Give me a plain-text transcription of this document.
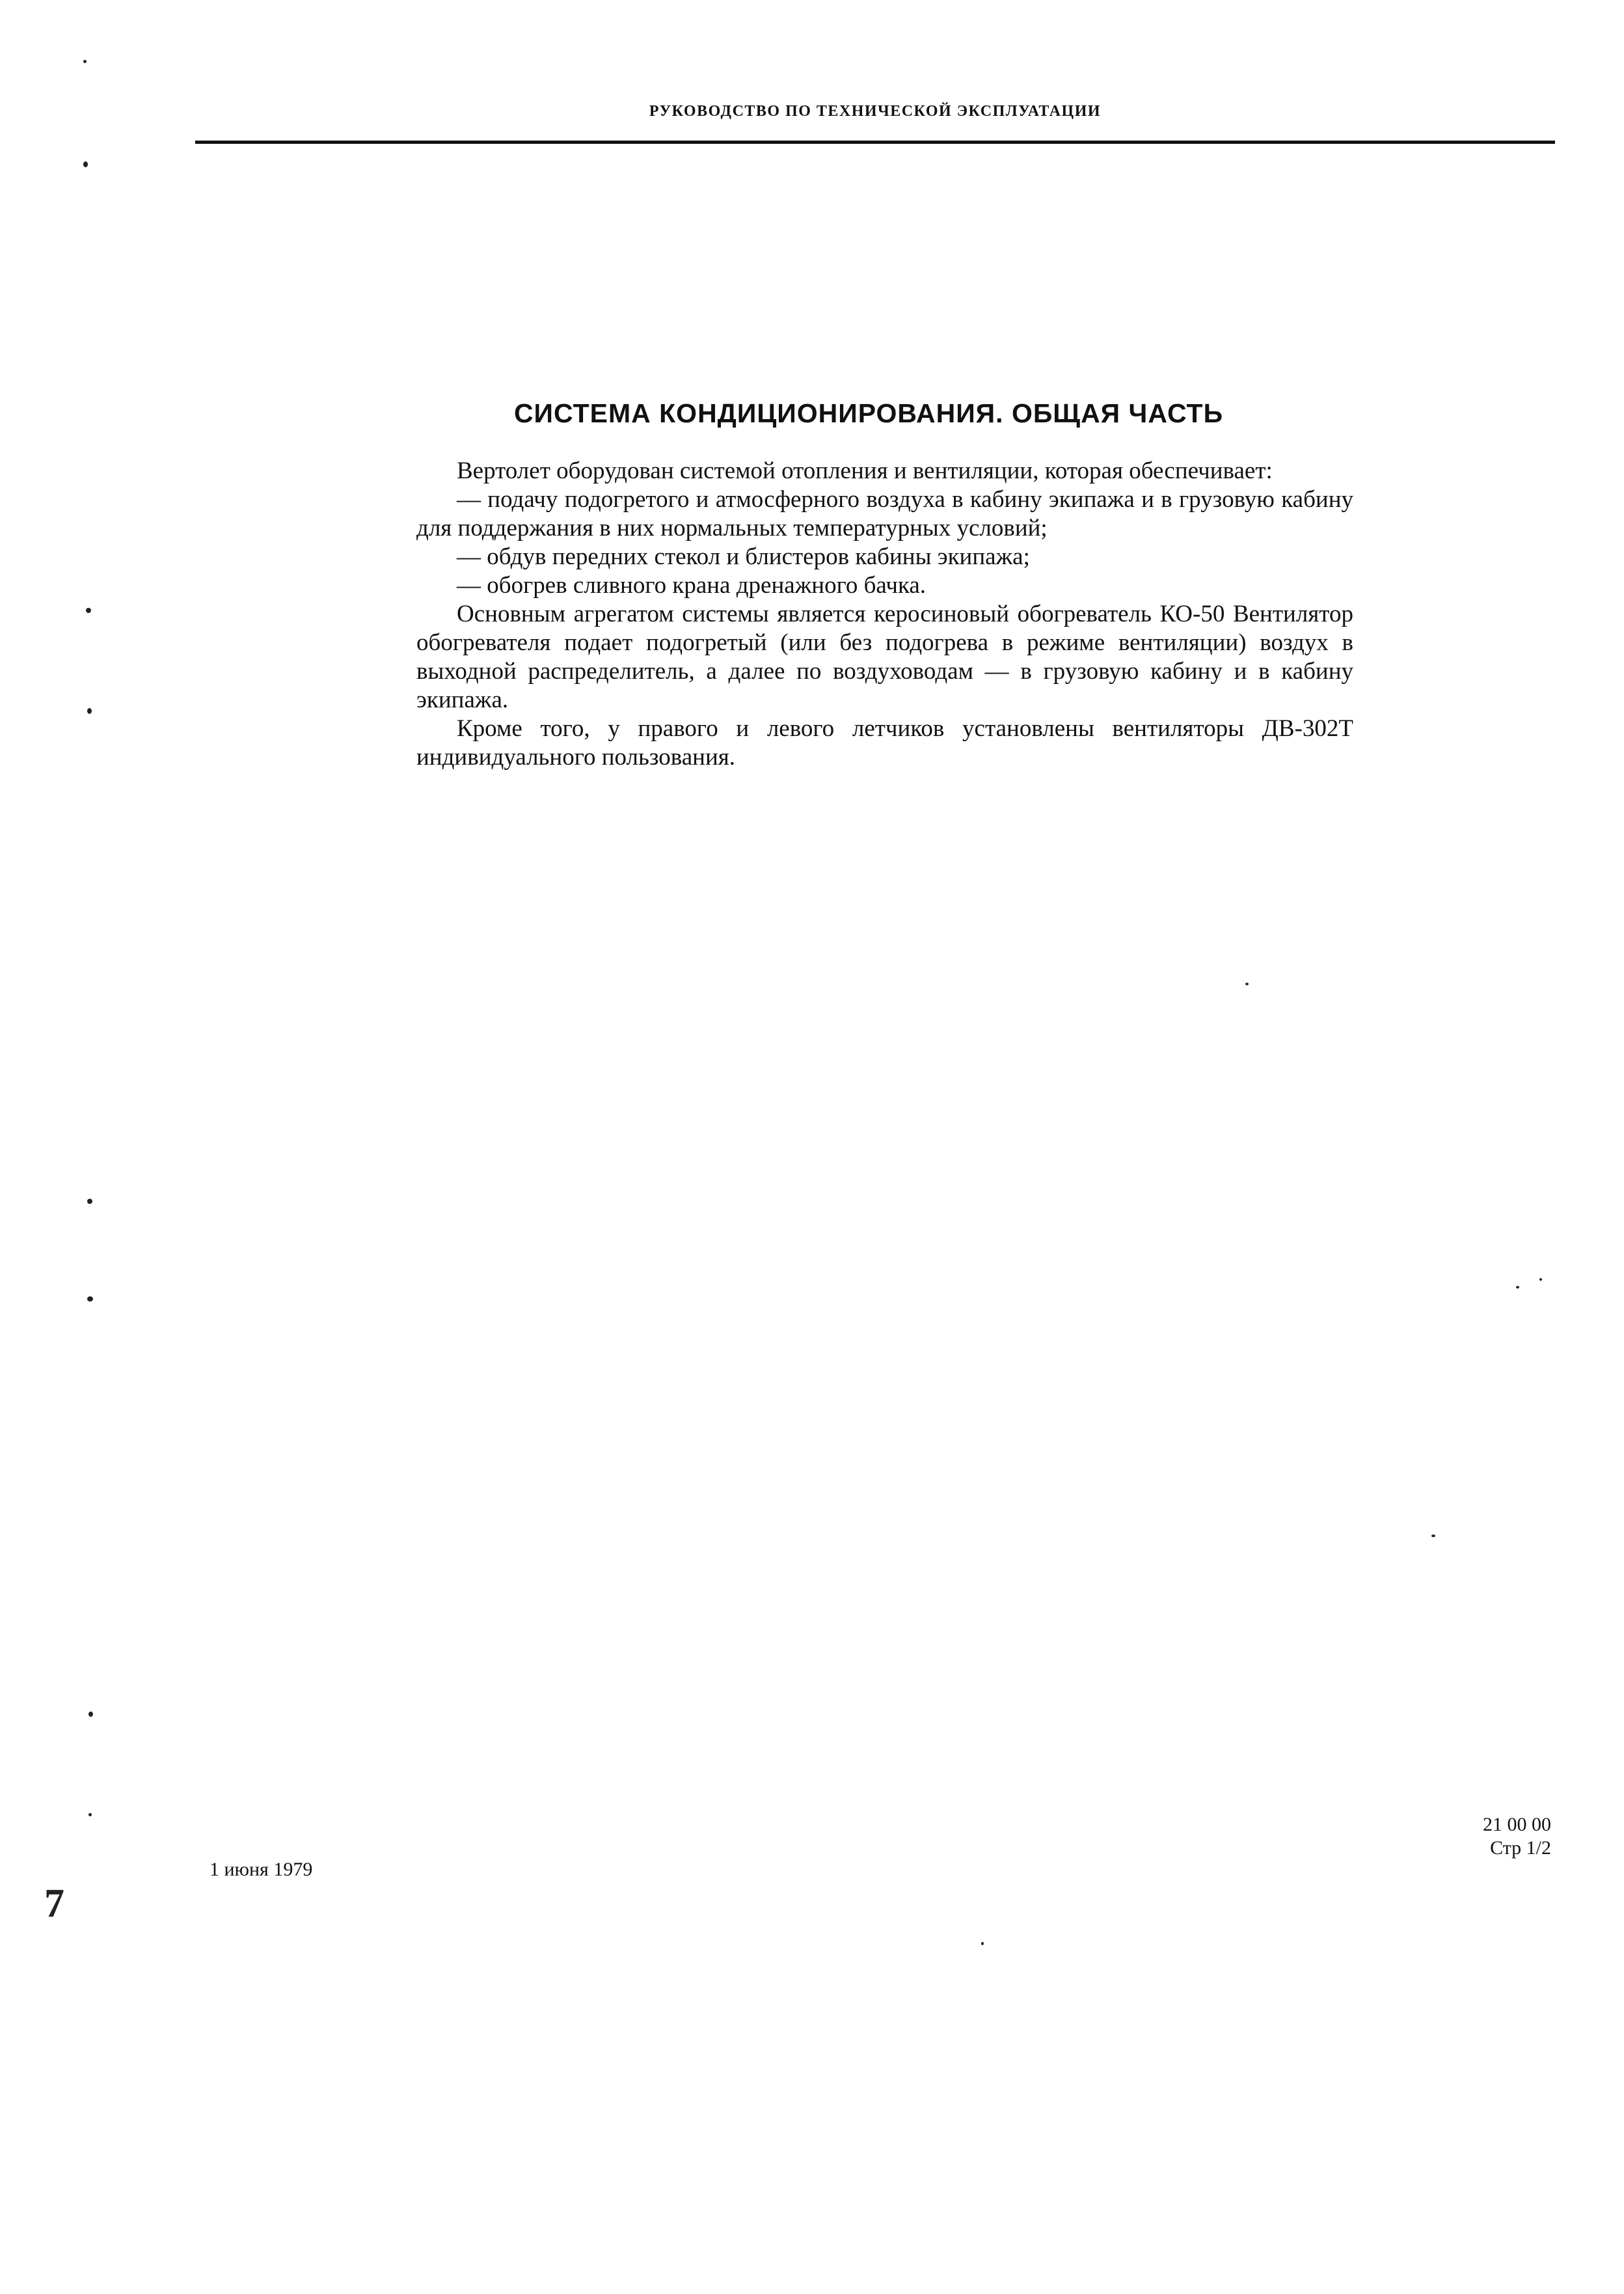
РУКОВОДСТВО ПО ТЕХНИЧЕСКОЙ ЭКСПЛУАТАЦИИ
СИСТЕМА КОНДИЦИОНИРОВАНИЯ. ОБЩАЯ ЧАСТЬ

Вертолет оборудован системой отопления и вентиляции, которая обеспечивает:

— подачу подогретого и атмосферного воздуха в кабину экипажа и в грузовую кабину для поддержания в них нормальных температурных условий;

— обдув передних стекол и блистеров кабины экипажа;

— обогрев сливного крана дренажного бачка.

Основным агрегатом системы является керосиновый обогреватель КО-50 Вентилятор обогревателя подает подогретый (или без подогрева в режиме вентиляции) воздух в выходной распределитель, а далее по воздуховодам — в грузовую кабину и в кабину экипажа.

Кроме того, у правого и левого летчиков установлены вентиляторы ДВ-302Т индивидуального пользования.

1 июня 1979
21 00 00
Стр 1/2
7
